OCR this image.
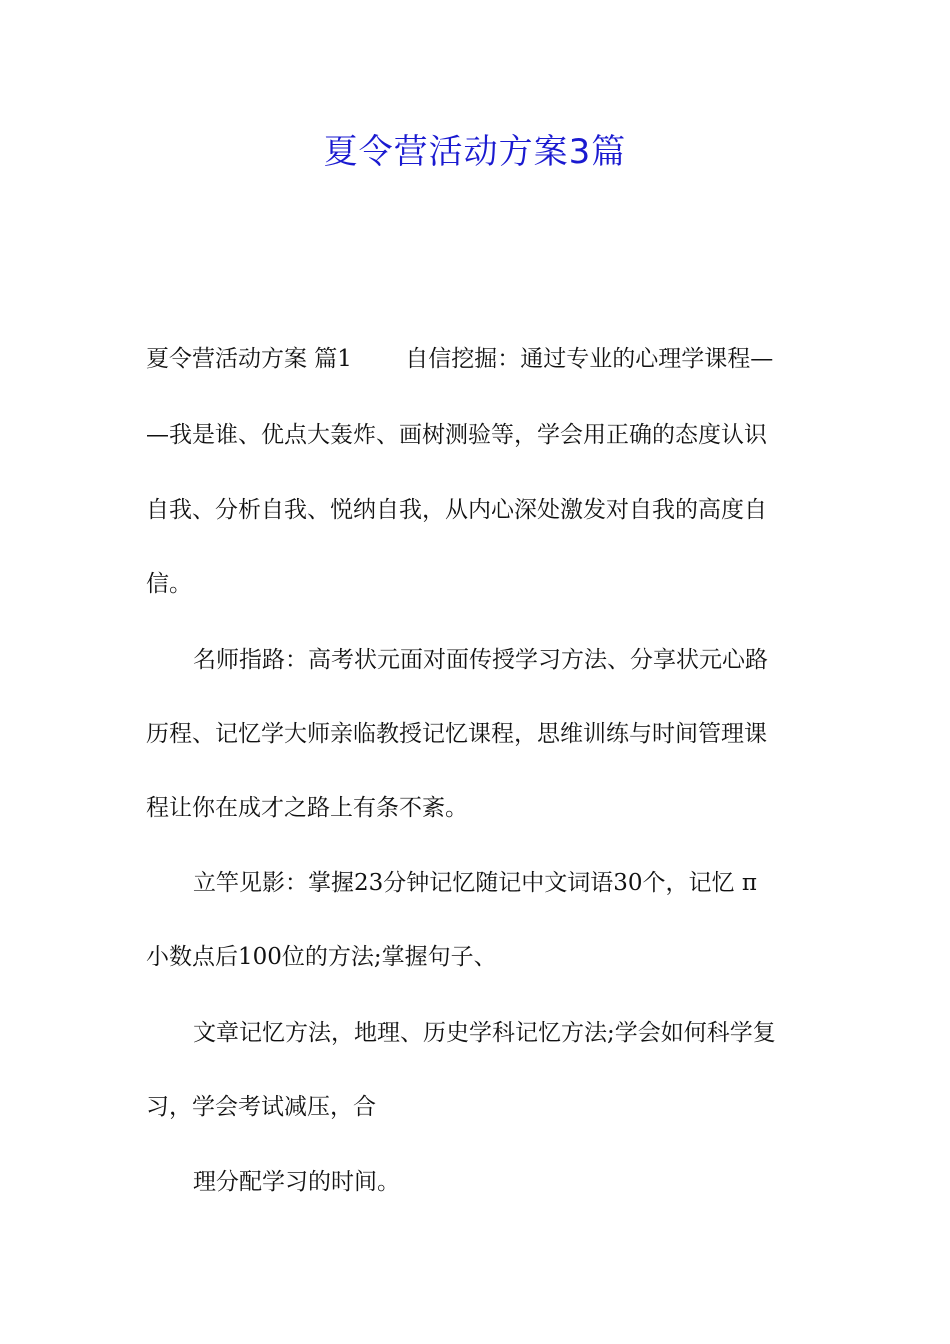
夏令营活动方案3篇

夏令营活动方案 篇1　　 自信挖掘：通过专业的心理学课程—

—我是谁、优点大轰炸、画树测验等，学会用正确的态度认识

自我、分析自我、悦纳自我，从内心深处激发对自我的高度自

信。

名师指路：高考状元面对面传授学习方法、分享状元心路

历程、记忆学大师亲临教授记忆课程，思维训练与时间管理课

程让你在成才之路上有条不紊。

立竿见影：掌握23分钟记忆随记中文词语30个，记忆 π

小数点后100位的方法;掌握句子、

文章记忆方法，地理、历史学科记忆方法;学会如何科学复

习，学会考试减压，合

理分配学习的时间。
